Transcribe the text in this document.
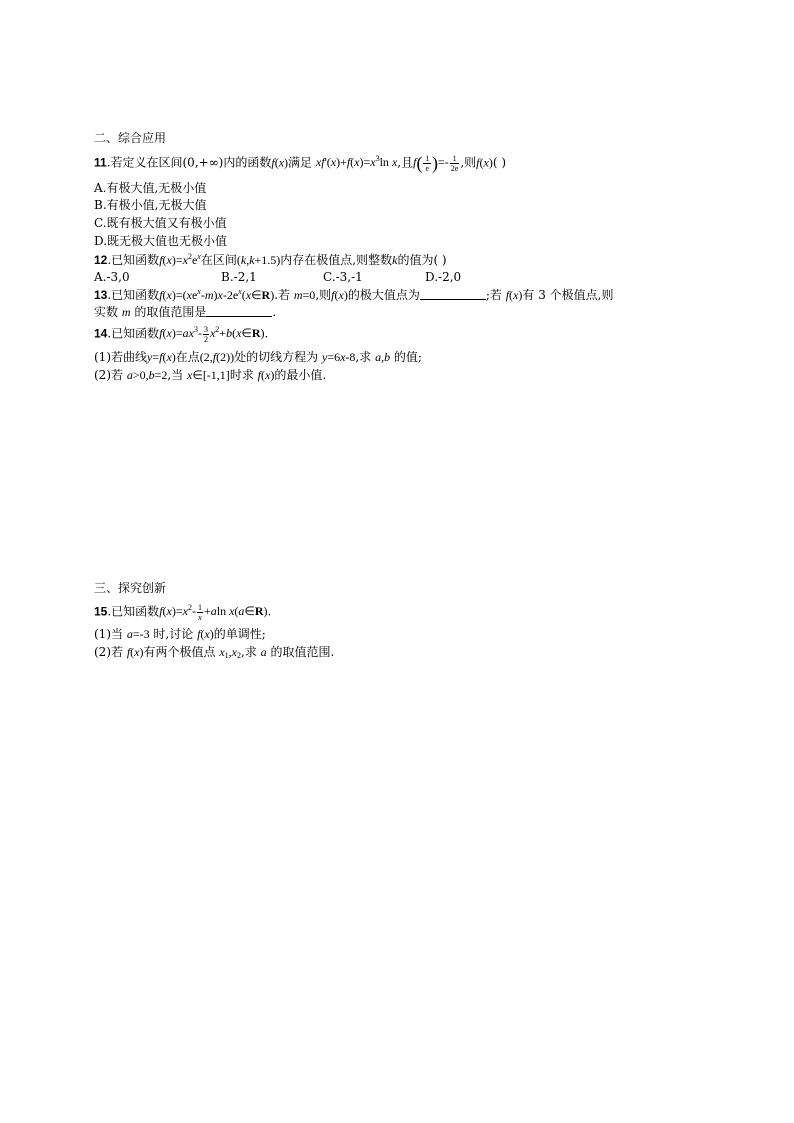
二、综合应用
11.若定义在区间(0,+∞)内的函数f(x)满足 $xf'(x)+f(x)=x^3\ln$ x,且$f( \frac{1}{e}$ )=- $\frac{1}{2e}$ ,则f(x)( )
A.有极大值,无极小值
B.有极小值,无极大值
C.既有极大值又有极小值
D.既无极大值也无极小值
12.已知函数$f(x)=x^2e^x$在区间(k,k+1.5)内存在极值点,则整数k的值为( )
A.-3,0	B.-2,1	C.-3,-1	D.-2,0
13.已知函数$f(x)=(xe^x-m)x-2e^x(x\in R)$.若 m=0,则f(x)的极大值点为	;若 f(x)有 3 个极值点,则
实数 m 的取值范围是	.
14.已知函数$f(x)=ax^3- \frac{3}{2}$ $x^2+b(x\in R)$.
(1)若曲线y=f(x)在点(2,f(2))处的切线方程为 y=6x-8,求 a,b 的值;
(2)若 a>0,b=2,当 x∈[-1,1]时求 f(x)的最小值.
三、探究创新
15.已知函数$f(x)=x^2- \frac{1}{x} +aln$ x(a∈R).
(1)当 a=-3 时,讨论 f(x)的单调性;
(2)若 f(x)有两个极值点 $x_1,x_2$,求 a 的取值范围.
